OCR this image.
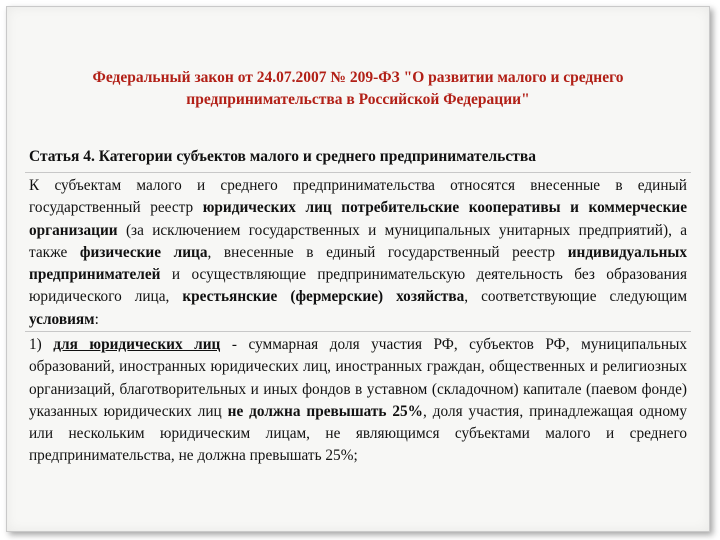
Федеральный закон от 24.07.2007 № 209-ФЗ "О развитии малого и среднего предпринимательства в Российской Федерации"
Статья 4. Категории субъектов малого и среднего предпринимательства

К субъектам малого и среднего предпринимательства относятся внесенные в единый государственный реестр юридических лиц потребительские кооперативы и коммерческие организации (за исключением государственных и муниципальных унитарных предприятий), а также физические лица, внесенные в единый государственный реестр индивидуальных предпринимателей и осуществляющие предпринимательскую деятельность без образования юридического лица, крестьянские (фермерские) хозяйства, соответствующие следующим условиям:

1) для юридических лиц - суммарная доля участия РФ, субъектов РФ, муниципальных образований, иностранных юридических лиц, иностранных граждан, общественных и религиозных организаций, благотворительных и иных фондов в уставном (складочном) капитале (паевом фонде) указанных юридических лиц не должна превышать 25%, доля участия, принадлежащая одному или нескольким юридическим лицам, не являющимся субъектами малого и среднего предпринимательства, не должна превышать 25%;
